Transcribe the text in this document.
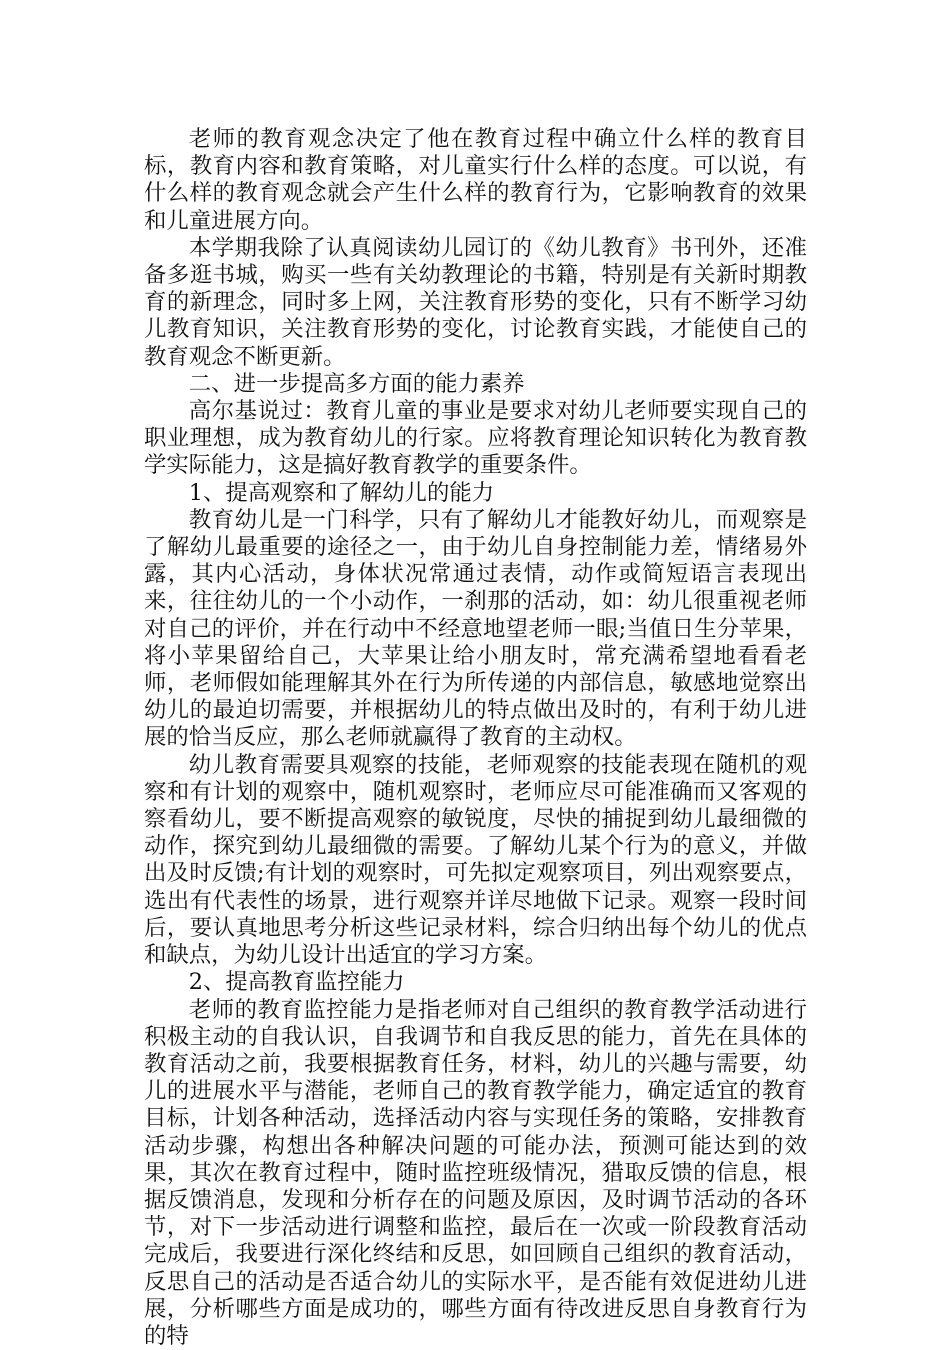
老师的教育观念决定了他在教育过程中确立什么样的教育目标，教育内容和教育策略，对儿童实行什么样的态度。可以说，有什么样的教育观念就会产生什么样的教育行为，它影响教育的效果和儿童进展方向。

本学期我除了认真阅读幼儿园订的《幼儿教育》书刊外，还准备多逛书城，购买一些有关幼教理论的书籍，特别是有关新时期教育的新理念，同时多上网，关注教育形势的变化，只有不断学习幼儿教育知识，关注教育形势的变化，讨论教育实践，才能使自己的教育观念不断更新。

二、进一步提高多方面的能力素养

高尔基说过：教育儿童的事业是要求对幼儿老师要实现自己的职业理想，成为教育幼儿的行家。应将教育理论知识转化为教育教学实际能力，这是搞好教育教学的重要条件。

1、提高观察和了解幼儿的能力

教育幼儿是一门科学，只有了解幼儿才能教好幼儿，而观察是了解幼儿最重要的途径之一，由于幼儿自身控制能力差，情绪易外露，其内心活动，身体状况常通过表情，动作或简短语言表现出来，往往幼儿的一个小动作，一刹那的活动，如：幼儿很重视老师对自己的评价，并在行动中不经意地望老师一眼;当值日生分苹果，将小苹果留给自己，大苹果让给小朋友时，常充满希望地看看老师，老师假如能理解其外在行为所传递的内部信息，敏感地觉察出幼儿的最迫切需要，并根据幼儿的特点做出及时的，有利于幼儿进展的恰当反应，那么老师就赢得了教育的主动权。

幼儿教育需要具观察的技能，老师观察的技能表现在随机的观察和有计划的观察中，随机观察时，老师应尽可能准确而又客观的察看幼儿，要不断提高观察的敏锐度，尽快的捕捉到幼儿最细微的动作，探究到幼儿最细微的需要。了解幼儿某个行为的意义，并做出及时反馈;有计划的观察时，可先拟定观察项目，列出观察要点，选出有代表性的场景，进行观察并详尽地做下记录。观察一段时间后，要认真地思考分析这些记录材料，综合归纳出每个幼儿的优点和缺点，为幼儿设计出适宜的学习方案。

2、提高教育监控能力

老师的教育监控能力是指老师对自己组织的教育教学活动进行积极主动的自我认识，自我调节和自我反思的能力，首先在具体的教育活动之前，我要根据教育任务，材料，幼儿的兴趣与需要，幼儿的进展水平与潜能，老师自己的教育教学能力，确定适宜的教育目标，计划各种活动，选择活动内容与实现任务的策略，安排教育活动步骤，构想出各种解决问题的可能办法，预测可能达到的效果，其次在教育过程中，随时监控班级情况，猎取反馈的信息，根据反馈消息，发现和分析存在的问题及原因，及时调节活动的各环节，对下一步活动进行调整和监控，最后在一次或一阶段教育活动完成后，我要进行深化终结和反思，如回顾自己组织的教育活动，反思自己的活动是否适合幼儿的实际水平，是否能有效促进幼儿进展，分析哪些方面是成功的，哪些方面有待改进反思自身教育行为的特
